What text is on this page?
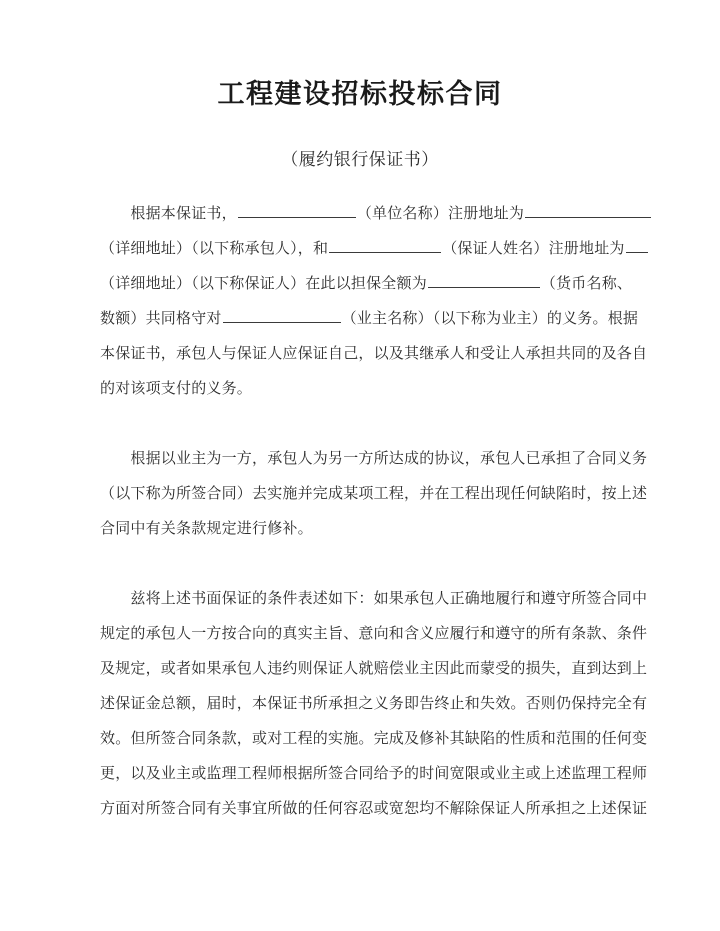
工程建设招标投标合同
（履约银行保证书）

　　根据本保证书，	（单位名称）注册地址为
（详细地址）（以下称承包人），和	（保证人姓名）注册地址为
（详细地址）（以下称保证人）在此以担保全额为	（货币名称、
数额）共同格守对	（业主名称）（以下称为业主）的义务。根据
本保证书，承包人与保证人应保证自己，以及其继承人和受让人承担共同的及各自
的对该项支付的义务。

　　根据以业主为一方，承包人为另一方所达成的协议，承包人已承担了合同义务
（以下称为所签合同）去实施并完成某项工程，并在工程出现任何缺陷时，按上述
合同中有关条款规定进行修补。

　　兹将上述书面保证的条件表述如下：如果承包人正确地履行和遵守所签合同中
规定的承包人一方按合向的真实主旨、意向和含义应履行和遵守的所有条款、条件
及规定，或者如果承包人违约则保证人就赔偿业主因此而蒙受的损失，直到达到上
述保证金总额，届时，本保证书所承担之义务即告终止和失效。否则仍保持完全有
效。但所签合同条款，或对工程的实施。完成及修补其缺陷的性质和范围的任何变
更，以及业主或监理工程师根据所签合同给予的时间宽限或业主或上述监理工程师
方面对所签合同有关事宜所做的任何容忍或宽恕均不解除保证人所承担之上述保证
